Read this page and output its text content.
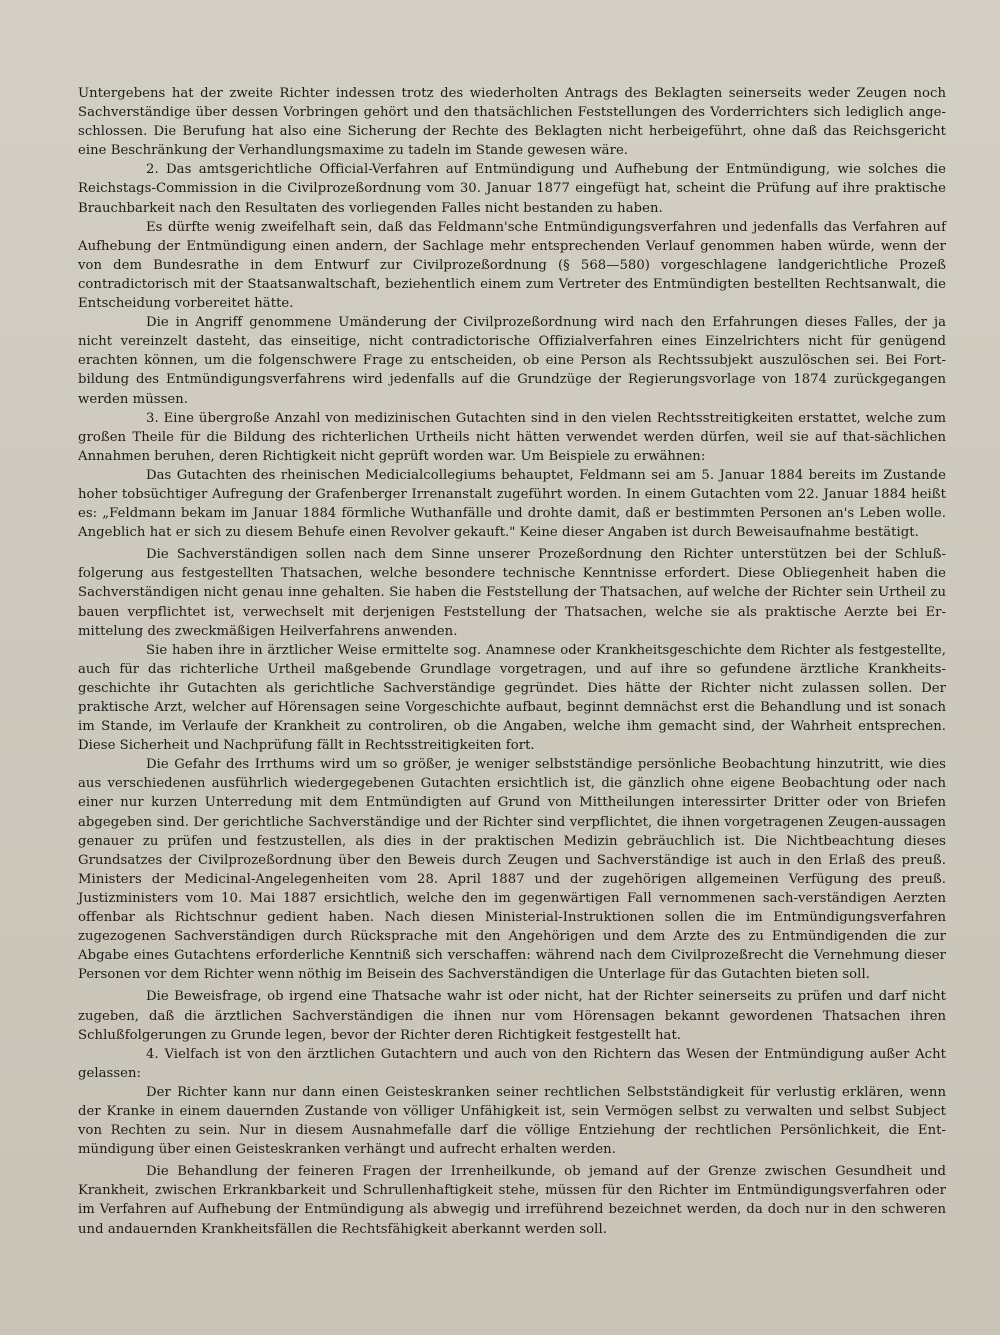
Untergebens hat der zweite Richter indessen trotz des wiederholten Antrags des Beklagten seinerseits weder Zeugen noch Sachverständige über dessen Vorbringen gehört und den thatsächlichen Feststellungen des Vorderrichters sich lediglich ange-schlossen. Die Berufung hat also eine Sicherung der Rechte des Beklagten nicht herbeigeführt, ohne daß das Reichsgericht eine Beschränkung der Verhandlungsmaxime zu tadeln im Stande gewesen wäre.

2. Das amtsgerichtliche Official-Verfahren auf Entmündigung und Aufhebung der Entmündigung, wie solches die Reichstags-Commission in die Civilprozeßordnung vom 30. Januar 1877 eingefügt hat, scheint die Prüfung auf ihre praktische Brauchbarkeit nach den Resultaten des vorliegenden Falles nicht bestanden zu haben.

Es dürfte wenig zweifelhaft sein, daß das Feldmann'sche Entmündigungsverfahren und jedenfalls das Verfahren auf Aufhebung der Entmündigung einen andern, der Sachlage mehr entsprechenden Verlauf genommen haben würde, wenn der von dem Bundesrathe in dem Entwurf zur Civilprozeßordnung (§ 568—580) vorgeschlagene landgerichtliche Prozeß contradictorisch mit der Staatsanwaltschaft, beziehentlich einem zum Vertreter des Entmündigten bestellten Rechtsanwalt, die Entscheidung vorbereitet hätte.

Die in Angriff genommene Umänderung der Civilprozeßordnung wird nach den Erfahrungen dieses Falles, der ja nicht vereinzelt dasteht, das einseitige, nicht contradictorische Offizialverfahren eines Einzelrichters nicht für genügend erachten können, um die folgenschwere Frage zu entscheiden, ob eine Person als Rechtssubjekt auszulöschen sei. Bei Fort-bildung des Entmündigungsverfahrens wird jedenfalls auf die Grundzüge der Regierungsvorlage von 1874 zurückgegangen werden müssen.

3. Eine übergroße Anzahl von medizinischen Gutachten sind in den vielen Rechtsstreitigkeiten erstattet, welche zum großen Theile für die Bildung des richterlichen Urtheils nicht hätten verwendet werden dürfen, weil sie auf that-sächlichen Annahmen beruhen, deren Richtigkeit nicht geprüft worden war. Um Beispiele zu erwähnen:

Das Gutachten des rheinischen Medicialcollegiums behauptet, Feldmann sei am 5. Januar 1884 bereits im Zustande hoher tobsüchtiger Aufregung der Grafenberger Irrenanstalt zugeführt worden. In einem Gutachten vom 22. Januar 1884 heißt es: „Feldmann bekam im Januar 1884 förmliche Wuthanfälle und drohte damit, daß er bestimmten Personen an's Leben wolle. Angeblich hat er sich zu diesem Behufe einen Revolver gekauft." Keine dieser Angaben ist durch Beweisaufnahme bestätigt.

Die Sachverständigen sollen nach dem Sinne unserer Prozeßordnung den Richter unterstützen bei der Schluß-folgerung aus festgestellten Thatsachen, welche besondere technische Kenntnisse erfordert. Diese Obliegenheit haben die Sachverständigen nicht genau inne gehalten. Sie haben die Feststellung der Thatsachen, auf welche der Richter sein Urtheil zu bauen verpflichtet ist, verwechselt mit derjenigen Feststellung der Thatsachen, welche sie als praktische Aerzte bei Er-mittelung des zweckmäßigen Heilverfahrens anwenden.

Sie haben ihre in ärztlicher Weise ermittelte sog. Anamnese oder Krankheitsgeschichte dem Richter als festgestellte, auch für das richterliche Urtheil maßgebende Grundlage vorgetragen, und auf ihre so gefundene ärztliche Krankheits-geschichte ihr Gutachten als gerichtliche Sachverständige gegründet. Dies hätte der Richter nicht zulassen sollen. Der praktische Arzt, welcher auf Hörensagen seine Vorgeschichte aufbaut, beginnt demnächst erst die Behandlung und ist sonach im Stande, im Verlaufe der Krankheit zu controliren, ob die Angaben, welche ihm gemacht sind, der Wahrheit entsprechen. Diese Sicherheit und Nachprüfung fällt in Rechtsstreitigkeiten fort.

Die Gefahr des Irrthums wird um so größer, je weniger selbstständige persönliche Beobachtung hinzutritt, wie dies aus verschiedenen ausführlich wiedergegebenen Gutachten ersichtlich ist, die gänzlich ohne eigene Beobachtung oder nach einer nur kurzen Unterredung mit dem Entmündigten auf Grund von Mittheilungen interessirter Dritter oder von Briefen abgegeben sind. Der gerichtliche Sachverständige und der Richter sind verpflichtet, die ihnen vorgetragenen Zeugen-aussagen genauer zu prüfen und festzustellen, als dies in der praktischen Medizin gebräuchlich ist. Die Nichtbeachtung dieses Grundsatzes der Civilprozeßordnung über den Beweis durch Zeugen und Sachverständige ist auch in den Erlaß des preuß. Ministers der Medicinal-Angelegenheiten vom 28. April 1887 und der zugehörigen allgemeinen Verfügung des preuß. Justizministers vom 10. Mai 1887 ersichtlich, welche den im gegenwärtigen Fall vernommenen sach-verständigen Aerzten offenbar als Richtschnur gedient haben. Nach diesen Ministerial-Instruktionen sollen die im Entmündigungsverfahren zugezogenen Sachverständigen durch Rücksprache mit den Angehörigen und dem Arzte des zu Entmündigenden die zur Abgabe eines Gutachtens erforderliche Kenntniß sich verschaffen: während nach dem Civilprozeßrecht die Vernehmung dieser Personen vor dem Richter wenn nöthig im Beisein des Sachverständigen die Unterlage für das Gutachten bieten soll.

Die Beweisfrage, ob irgend eine Thatsache wahr ist oder nicht, hat der Richter seinerseits zu prüfen und darf nicht zugeben, daß die ärztlichen Sachverständigen die ihnen nur vom Hörensagen bekannt gewordenen Thatsachen ihren Schlußfolgerungen zu Grunde legen, bevor der Richter deren Richtigkeit festgestellt hat.

4. Vielfach ist von den ärztlichen Gutachtern und auch von den Richtern das Wesen der Entmündigung außer Acht gelassen:

Der Richter kann nur dann einen Geisteskranken seiner rechtlichen Selbstständigkeit für verlustig erklären, wenn der Kranke in einem dauernden Zustande von völliger Unfähigkeit ist, sein Vermögen selbst zu verwalten und selbst Subject von Rechten zu sein. Nur in diesem Ausnahmefalle darf die völlige Entziehung der rechtlichen Persönlichkeit, die Ent-mündigung über einen Geisteskranken verhängt und aufrecht erhalten werden.

Die Behandlung der feineren Fragen der Irrenheilkunde, ob jemand auf der Grenze zwischen Gesundheit und Krankheit, zwischen Erkrankbarkeit und Schrullenhaftigkeit stehe, müssen für den Richter im Entmündigungsverfahren oder im Verfahren auf Aufhebung der Entmündigung als abwegig und irreführend bezeichnet werden, da doch nur in den schweren und andauernden Krankheitsfällen die Rechtsfähigkeit aberkannt werden soll.
